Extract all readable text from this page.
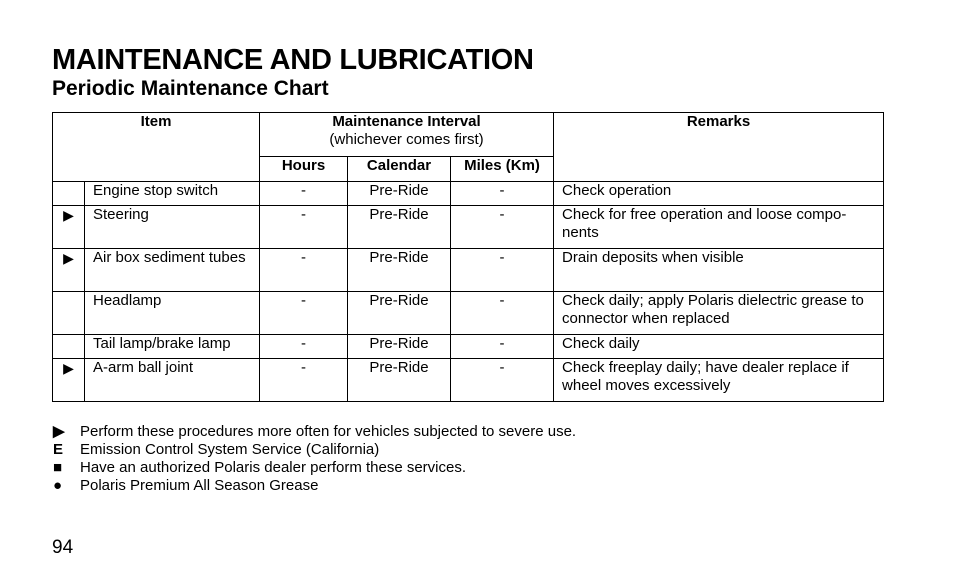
MAINTENANCE AND LUBRICATION
Periodic Maintenance Chart
Item		Maintenance Interval
(whichever comes first)			Remarks
		Hours	Calendar	Miles (Km)	
	Engine stop switch	-	Pre-Ride	-	Check operation
▶	Steering	-	Pre-Ride	-	Check for free operation and loose compo-nents
▶	Air box sediment tubes	-	Pre-Ride	-	Drain deposits when visible
	Headlamp	-	Pre-Ride	-	Check daily; apply Polaris dielectric grease to connector when replaced
	Tail lamp/brake lamp	-	Pre-Ride	-	Check daily
▶	A-arm ball joint	-	Pre-Ride	-	Check freeplay daily; have dealer replace if wheel moves excessively
▶	Perform these procedures more often for vehicles subjected to severe use.
E	Emission Control System Service (California)
■	Have an authorized Polaris dealer perform these services.
●	Polaris Premium All Season Grease
94
